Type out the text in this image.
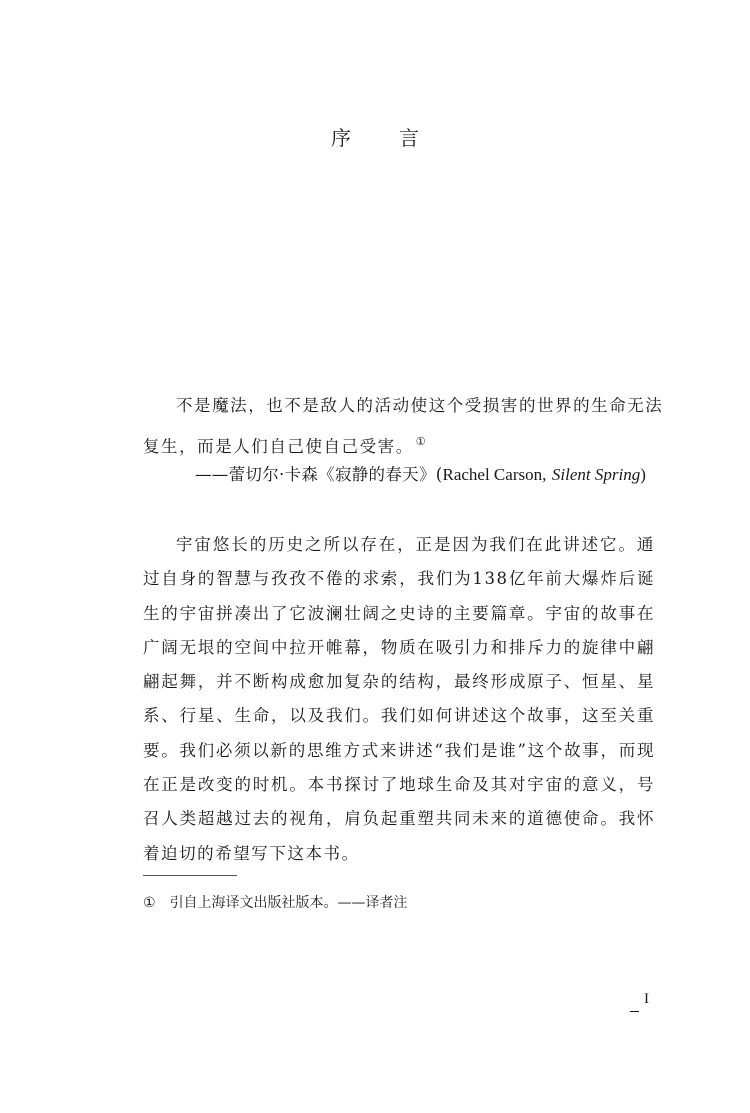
序 言
不是魔法，也不是敌人的活动使这个受损害的世界的生命无法
复生，而是人们自己使自己受害。 ①
——蕾切尔·卡森《寂静的春天》(Rachel Carson, Silent Spring)

宇宙悠长的历史之所以存在，正是因为我们在此讲述它。通过自身的智慧与孜孜不倦的求索，我们为138亿年前大爆炸后诞生的宇宙拼凑出了它波澜壮阔之史诗的主要篇章。宇宙的故事在广阔无垠的空间中拉开帷幕，物质在吸引力和排斥力的旋律中翩翩起舞，并不断构成愈加复杂的结构，最终形成原子、恒星、星系、行星、生命，以及我们。我们如何讲述这个故事，这至关重要。我们必须以新的思维方式来讲述“我们是谁”这个故事，而现在正是改变的时机。本书探讨了地球生命及其对宇宙的意义，号召人类超越过去的视角，肩负起重塑共同未来的道德使命。我怀着迫切的希望写下这本书。

① 引自上海译文出版社版本。——译者注
I
